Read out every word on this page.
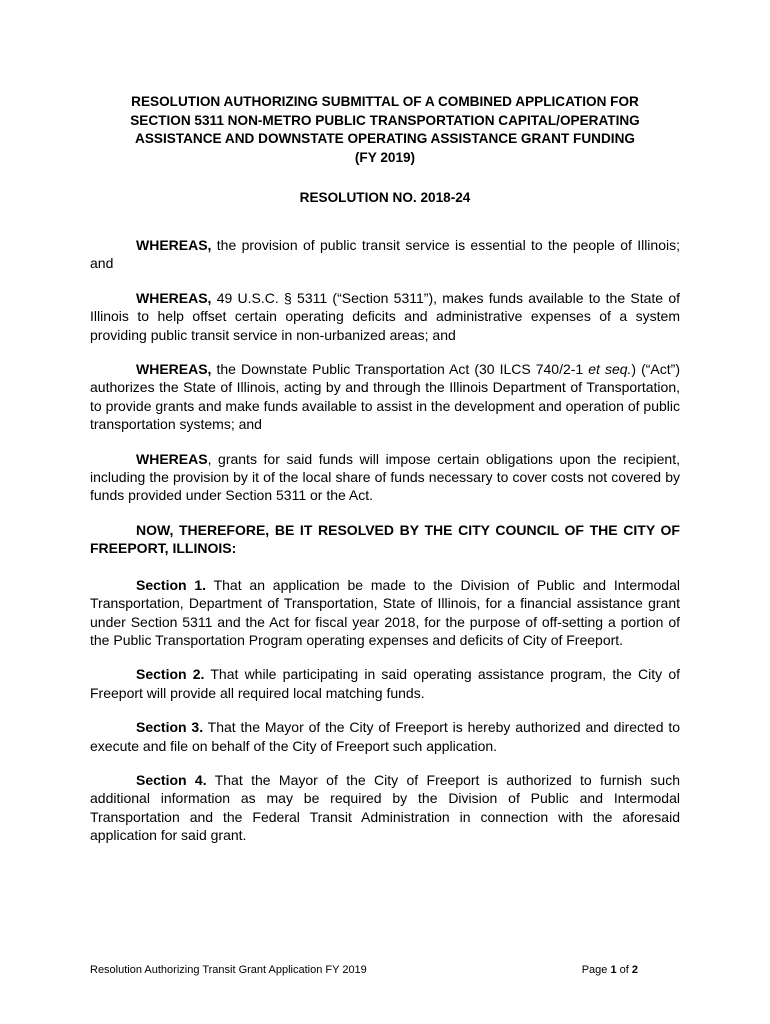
RESOLUTION AUTHORIZING SUBMITTAL OF A COMBINED APPLICATION FOR
SECTION 5311 NON-METRO PUBLIC TRANSPORTATION CAPITAL/OPERATING
ASSISTANCE AND DOWNSTATE OPERATING ASSISTANCE GRANT FUNDING
(FY 2019)
RESOLUTION NO. 2018-24

WHEREAS, the provision of public transit service is essential to the people of Illinois; and

WHEREAS, 49 U.S.C. § 5311 (“Section 5311”), makes funds available to the State of Illinois to help offset certain operating deficits and administrative expenses of a system providing public transit service in non-urbanized areas; and

WHEREAS, the Downstate Public Transportation Act (30 ILCS 740/2-1 et seq.) (“Act”) authorizes the State of Illinois, acting by and through the Illinois Department of Transportation, to provide grants and make funds available to assist in the development and operation of public transportation systems; and

WHEREAS, grants for said funds will impose certain obligations upon the recipient, including the provision by it of the local share of funds necessary to cover costs not covered by funds provided under Section 5311 or the Act.

NOW, THEREFORE, BE IT RESOLVED BY THE CITY COUNCIL OF THE CITY OF FREEPORT, ILLINOIS:

Section 1. That an application be made to the Division of Public and Intermodal Transportation, Department of Transportation, State of Illinois, for a financial assistance grant under Section 5311 and the Act for fiscal year 2018, for the purpose of off-setting a portion of the Public Transportation Program operating expenses and deficits of City of Freeport.

Section 2. That while participating in said operating assistance program, the City of Freeport will provide all required local matching funds.

Section 3. That the Mayor of the City of Freeport is hereby authorized and directed to execute and file on behalf of the City of Freeport such application.

Section 4. That the Mayor of the City of Freeport is authorized to furnish such additional information as may be required by the Division of Public and Intermodal Transportation and the Federal Transit Administration in connection with the aforesaid application for said grant.

Resolution Authorizing Transit Grant Application FY 2019	Page 1 of 2
